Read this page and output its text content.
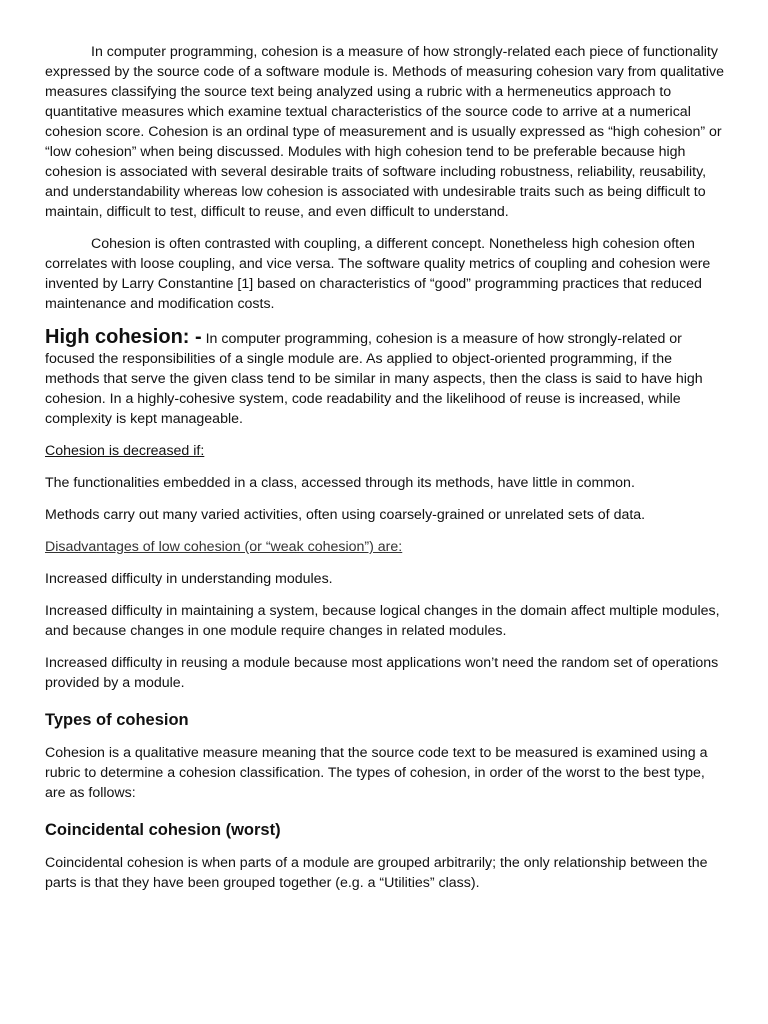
In computer programming, cohesion is a measure of how strongly-related each piece of functionality expressed by the source code of a software module is. Methods of measuring cohesion vary from qualitative measures classifying the source text being analyzed using a rubric with a hermeneutics approach to quantitative measures which examine textual characteristics of the source code to arrive at a numerical cohesion score. Cohesion is an ordinal type of measurement and is usually expressed as “high cohesion” or “low cohesion” when being discussed. Modules with high cohesion tend to be preferable because high cohesion is associated with several desirable traits of software including robustness, reliability, reusability, and understandability whereas low cohesion is associated with undesirable traits such as being difficult to maintain, difficult to test, difficult to reuse, and even difficult to understand.

Cohesion is often contrasted with coupling, a different concept. Nonetheless high cohesion often correlates with loose coupling, and vice versa. The software quality metrics of coupling and cohesion were invented by Larry Constantine [1] based on characteristics of “good” programming practices that reduced maintenance and modification costs.

High cohesion: - In computer programming, cohesion is a measure of how strongly-related or focused the responsibilities of a single module are. As applied to object-oriented programming, if the methods that serve the given class tend to be similar in many aspects, then the class is said to have high cohesion. In a highly-cohesive system, code readability and the likelihood of reuse is increased, while complexity is kept manageable.

Cohesion is decreased if:

The functionalities embedded in a class, accessed through its methods, have little in common.

Methods carry out many varied activities, often using coarsely-grained or unrelated sets of data.

Disadvantages of low cohesion (or “weak cohesion”) are:

Increased difficulty in understanding modules.

Increased difficulty in maintaining a system, because logical changes in the domain affect multiple modules, and because changes in one module require changes in related modules.

Increased difficulty in reusing a module because most applications won’t need the random set of operations provided by a module.

Types of cohesion

Cohesion is a qualitative measure meaning that the source code text to be measured is examined using a rubric to determine a cohesion classification. The types of cohesion, in order of the worst to the best type, are as follows:

Coincidental cohesion (worst)

Coincidental cohesion is when parts of a module are grouped arbitrarily; the only relationship between the parts is that they have been grouped together (e.g. a “Utilities” class).
